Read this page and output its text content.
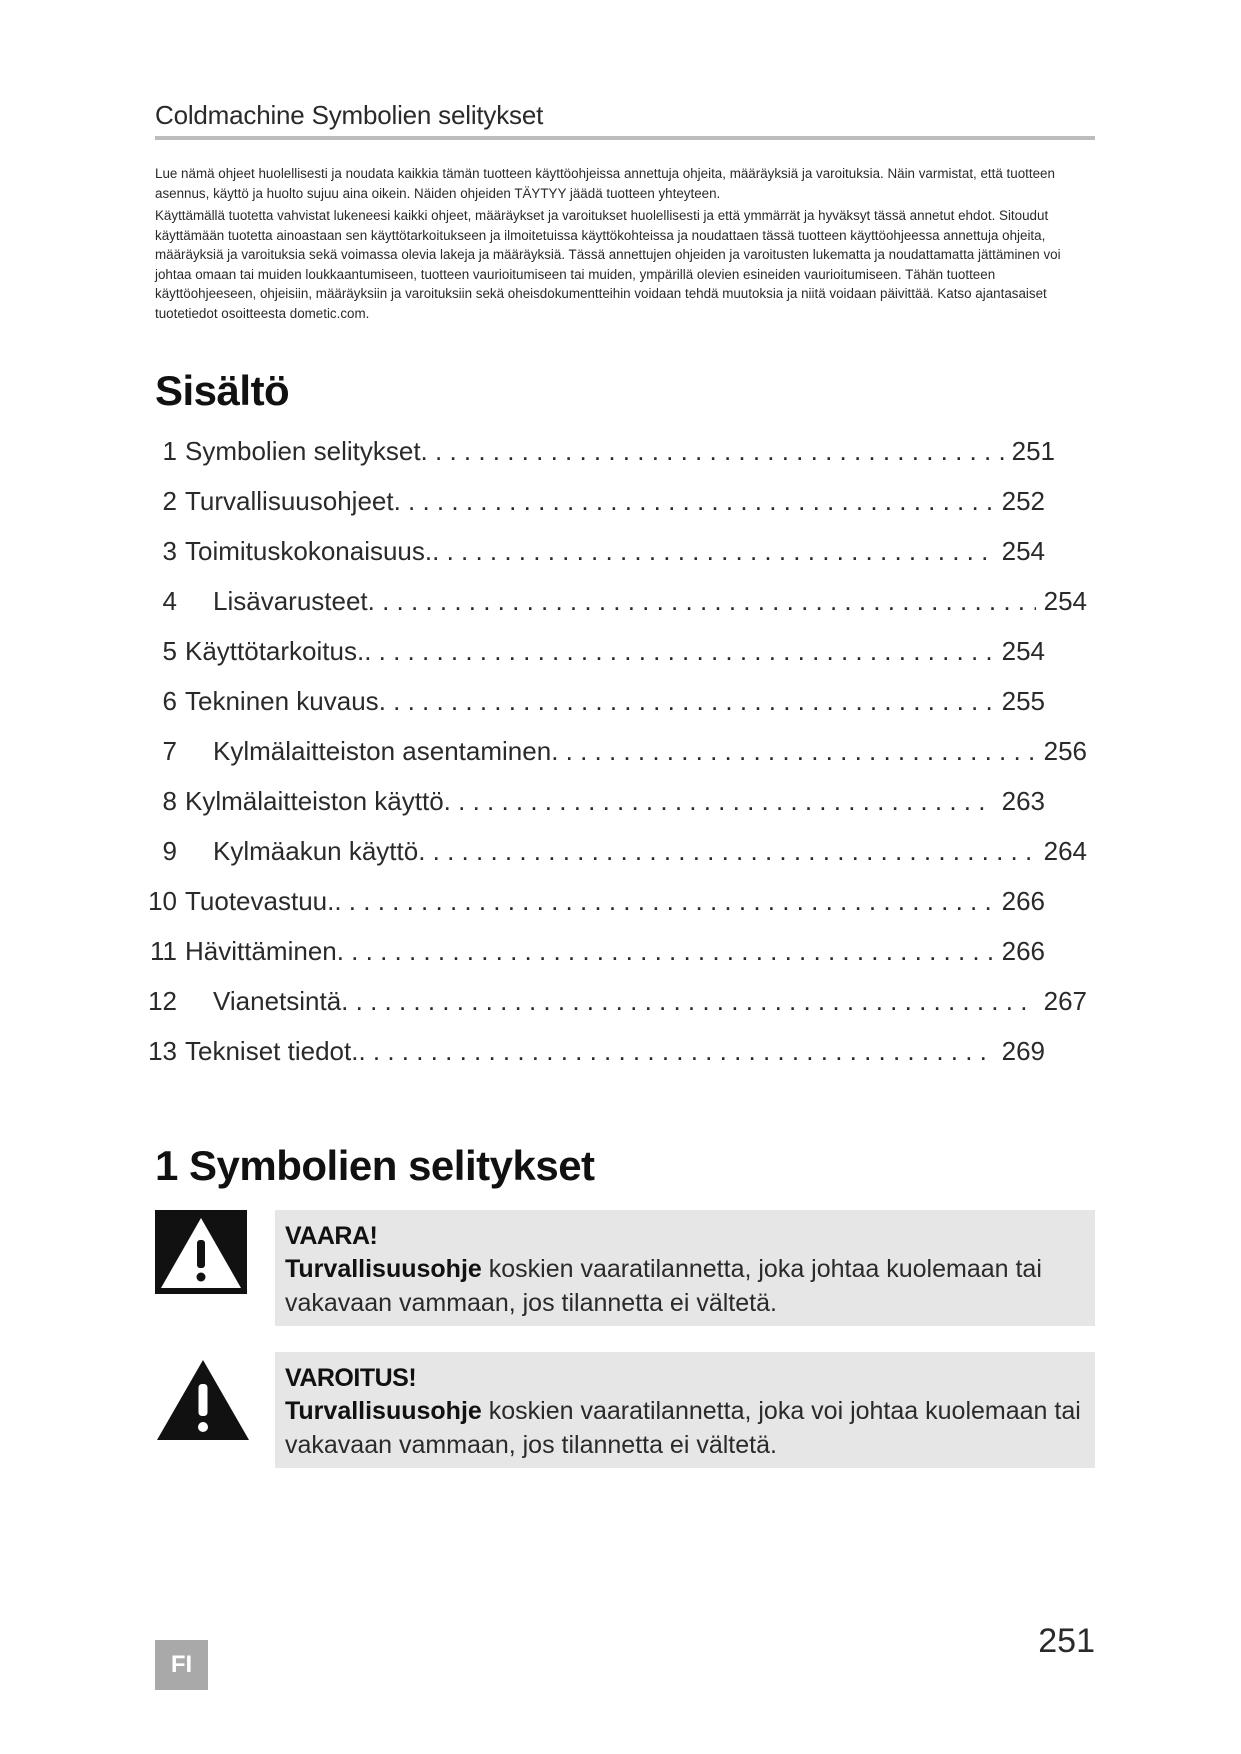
Coldmachine Symbolien selitykset

Lue nämä ohjeet huolellisesti ja noudata kaikkia tämän tuotteen käyttöohjeissa annettuja ohjeita, määräyksiä ja varoituksia. Näin varmistat, että tuotteen asennus, käyttö ja huolto sujuu aina oikein. Näiden ohjeiden TÄYTYY jäädä tuotteen yhteyteen.

Käyttämällä tuotetta vahvistat lukeneesi kaikki ohjeet, määräykset ja varoitukset huolellisesti ja että ymmärrät ja hyväksyt tässä annetut ehdot. Sitoudut käyttämään tuotetta ainoastaan sen käyttötarkoitukseen ja ilmoitetuissa käyttökohteissa ja noudattaen tässä tuotteen käyttöohjeessa annettuja ohjeita, määräyksiä ja varoituksia sekä voimassa olevia lakeja ja määräyksiä. Tässä annettujen ohjeiden ja varoitusten lukematta ja noudattamatta jättäminen voi johtaa omaan tai muiden loukkaantumiseen, tuotteen vaurioitumiseen tai muiden, ympärillä olevien esineiden vaurioitumiseen. Tähän tuotteen käyttöohjeeseen, ohjeisiin, määräyksiin ja varoituksiin sekä oheisdokumentteihin voidaan tehdä muutoksia ja niitä voidaan päivittää. Katso ajantasaiset tuotetiedot osoitteesta dometic.com.

Sisältö
1 Symbolien selitykset . . .	251
2 Turvallisuusohjeet . . .	252
3 Toimituskokonaisuus. . . .	254
4 Lisävarusteet . . .	254
5 Käyttötarkoitus. . . .	254
6 Tekninen kuvaus . . .	255
7 Kylmälaitteiston asentaminen . . .	256
8 Kylmälaitteiston käyttö . . .	263
9 Kylmäakun käyttö . . .	264
10 Tuotevastuu. . . .	266
11 Hävittäminen . . .	266
12 Vianetsintä . . .	267
13 Tekniset tiedot. . . .	269
1 Symbolien selitykset
VAARA!
Turvallisuusohje koskien vaaratilannetta, joka johtaa kuolemaan tai vakavaan vammaan, jos tilannetta ei vältetä.
VAROITUS!
Turvallisuusohje koskien vaaratilannetta, joka voi johtaa kuolemaan tai vakavaan vammaan, jos tilannetta ei vältetä.
FI
251
